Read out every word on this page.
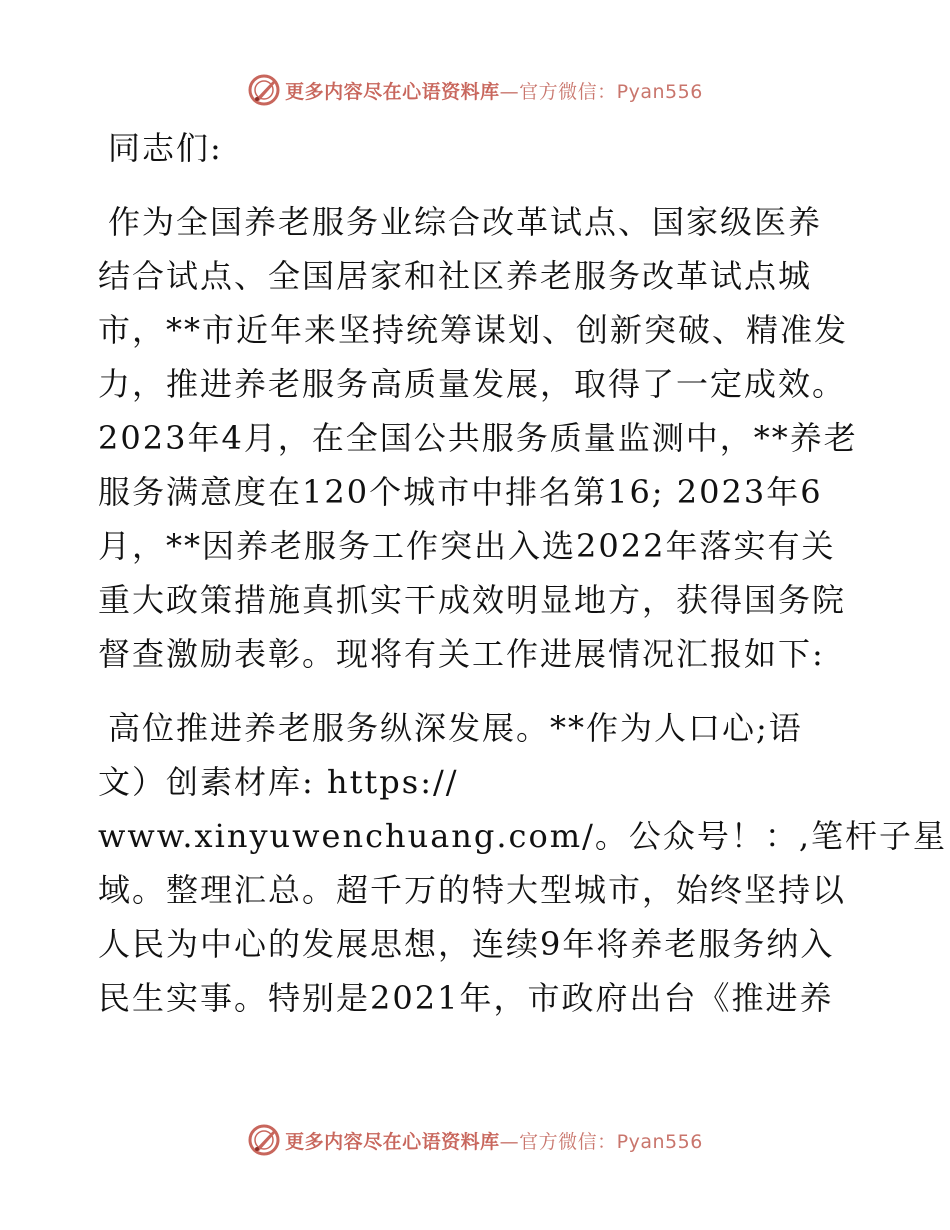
更多内容尽在心语资料库—官方微信：Pyan556
同志们:
作为全国养老服务业综合改革试点、国家级医养
结合试点、全国居家和社区养老服务改革试点城
市，**市近年来坚持统筹谋划、创新突破、精准发
力，推进养老服务高质量发展，取得了一定成效。
2023年4月，在全国公共服务质量监测中，**养老
服务满意度在120个城市中排名第16; 2023年6
月，**因养老服务工作突出入选2022年落实有关
重大政策措施真抓实干成效明显地方，获得国务院
督查激励表彰。现将有关工作进展情况汇报如下:
高位推进养老服务纵深发展。**作为人口心;语
文）创素材库: https://
www.xinyuwenchuang.com/。公众号！：,笔杆子星
域。整理汇总。超千万的特大型城市，始终坚持以
人民为中心的发展思想，连续9年将养老服务纳入
民生实事。特别是2021年，市政府出台《推进养
更多内容尽在心语资料库—官方微信：Pyan556
